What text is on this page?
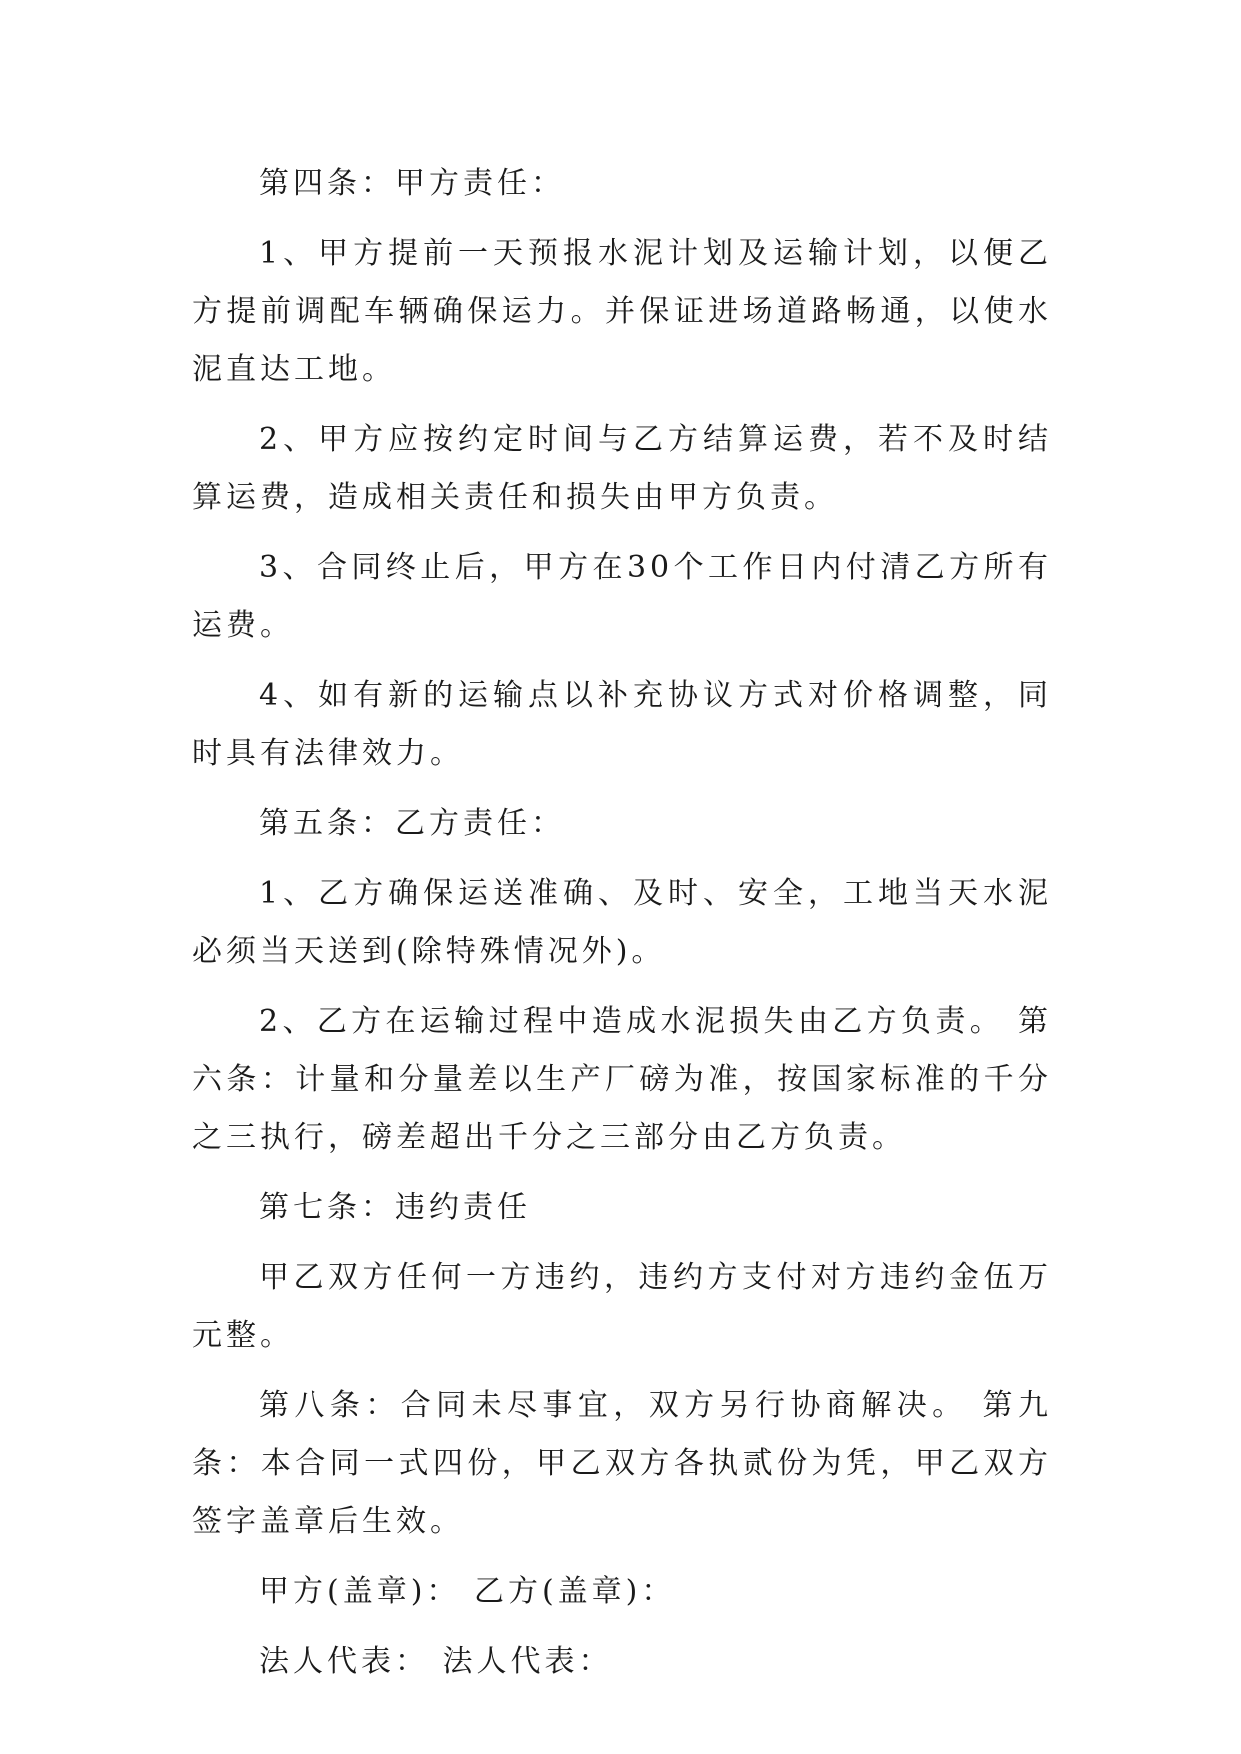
第四条：甲方责任：

1、甲方提前一天预报水泥计划及运输计划，以便乙方提前调配车辆确保运力。并保证进场道路畅通，以使水泥直达工地。

2、甲方应按约定时间与乙方结算运费，若不及时结算运费，造成相关责任和损失由甲方负责。

3、合同终止后，甲方在30个工作日内付清乙方所有运费。

4、如有新的运输点以补充协议方式对价格调整，同时具有法律效力。

第五条：乙方责任：

1、乙方确保运送准确、及时、安全，工地当天水泥必须当天送到(除特殊情况外)。

2、乙方在运输过程中造成水泥损失由乙方负责。 第六条：计量和分量差以生产厂磅为准，按国家标准的千分之三执行，磅差超出千分之三部分由乙方负责。

第七条：违约责任

甲乙双方任何一方违约，违约方支付对方违约金伍万元整。

第八条：合同未尽事宜，双方另行协商解决。 第九条：本合同一式四份，甲乙双方各执贰份为凭，甲乙双方签字盖章后生效。

甲方(盖章)： 乙方(盖章)：

法人代表： 法人代表：
